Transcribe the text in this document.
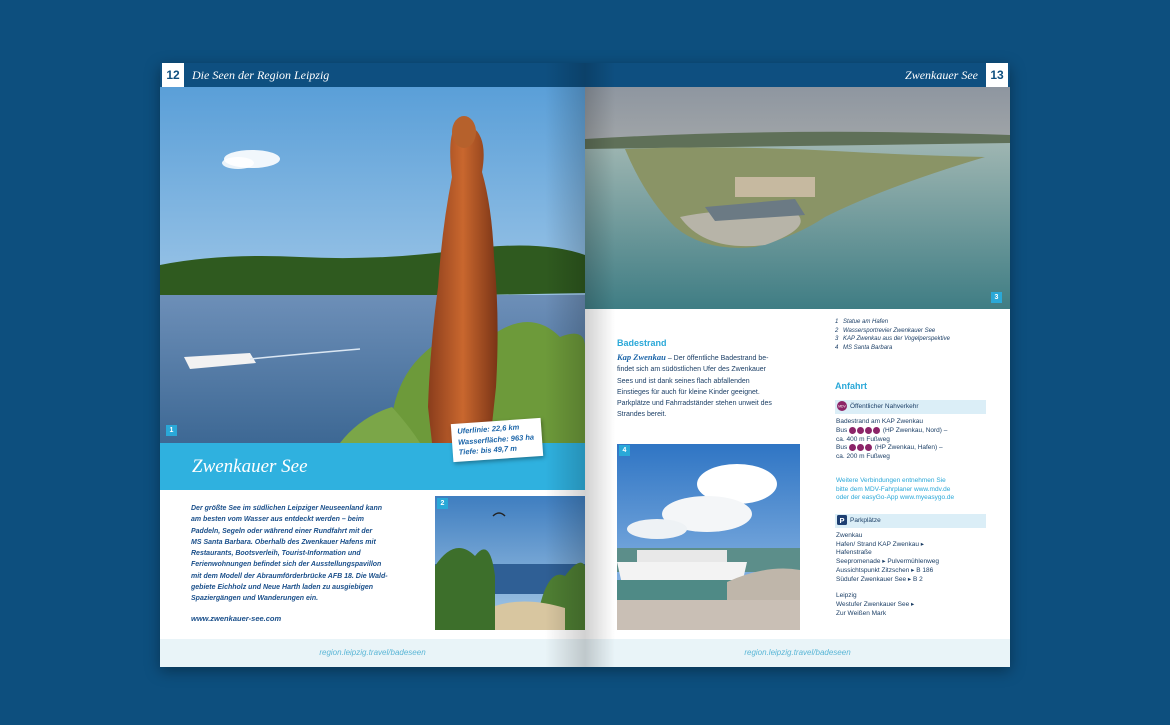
12	Die Seen der Region Leipzig
1
Zwenkauer See
Uferlinie: 22,6 km
Wasserfläche: 963 ha
Tiefe: bis 49,7 m
Der größte See im südlichen Leipziger Neuseenland kann
am besten vom Wasser aus entdeckt werden – beim
Paddeln, Segeln oder während einer Rundfahrt mit der
MS Santa Barbara. Oberhalb des Zwenkauer Hafens mit
Restaurants, Bootsverleih, Tourist-Information und
Ferienwohnungen befindet sich der Ausstellungspavillon
mit dem Modell der Abraumförderbrücke AFB 18. Die Wald-
gebiete Eichholz und Neue Harth laden zu ausgiebigen
Spaziergängen und Wanderungen ein.
www.zwenkauer-see.com
2
region.leipzig.travel/badeseen
Zwenkauer See	13
3
Badestrand
Kap Zwenkau – Der öffentliche Badestrand be-
findet sich am südöstlichen Ufer des Zwenkauer
Sees und ist dank seines flach abfallenden
Einstieges für auch für kleine Kinder geeignet.
Parkplätze und Fahrradständer stehen unweit des
Strandes bereit.
4
1 Statue am Hafen
2 Wassersportrevier Zwenkauer See
3 KAP Zwenkau aus der Vogelperspektive
4 MS Santa Barbara
Anfahrt
MDV Öffentlicher Nahverkehr
Badestrand am KAP Zwenkau
Bus	(HP Zwenkau, Nord) –
ca. 400 m Fußweg
Bus	(HP Zwenkau, Hafen) –
ca. 200 m Fußweg
Weitere Verbindungen entnehmen Sie
bitte dem MDV-Fahrplaner www.mdv.de
oder der easyGo-App www.myeasygo.de
P Parkplätze
Zwenkau
Hafen/ Strand KAP Zwenkau ▸
Hafenstraße
Seepromenade ▸ Pulvermühlenweg
Aussichtspunkt Zitzschen ▸ B 186
Südufer Zwenkauer See ▸ B 2
Leipzig
Westufer Zwenkauer See ▸
Zur Weißen Mark
region.leipzig.travel/badeseen
